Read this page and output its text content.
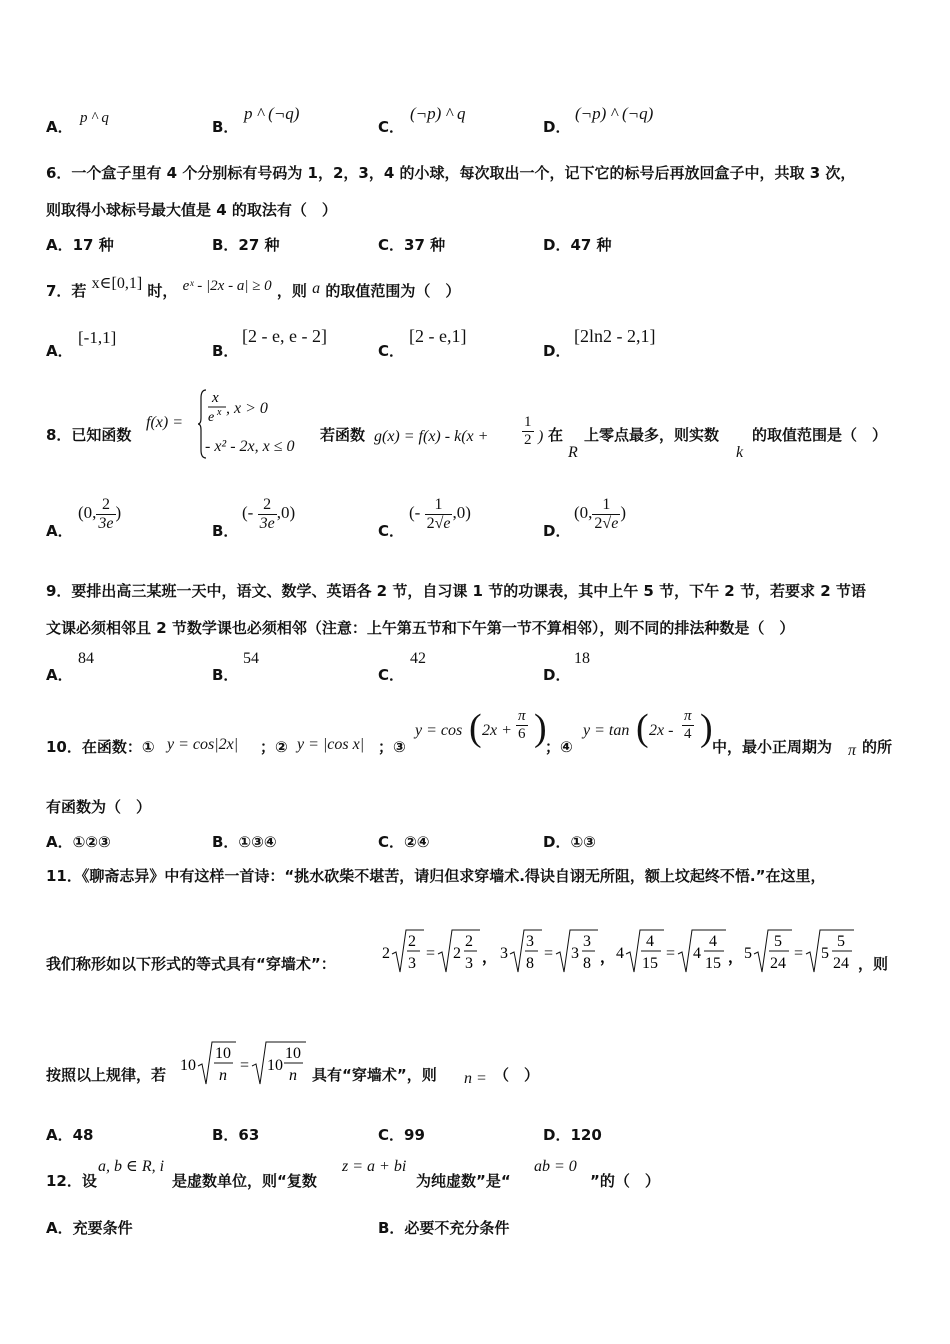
A． p ^ q	B．
p ^ (¬q)
C．
(¬p) ^ q
D．
(¬p) ^ (¬q)
6．一个盒子里有 4 个分别标有号码为 1，2，3，4 的小球，每次取出一个，记下它的标号后再放回盒子中，共取 3 次，
则取得小球标号最大值是 4 的取法有（　）
A．17 种	B．27 种	C．37 种	D．47 种
7．若 x∈[0,1] 时， eˣ - |2x - a| ≥ 0 ，则 a 的取值范围为（　）
A．
[-1,1]
B．
[2 - e, e - 2]
C．
[2 - e,1]
D．
[2ln2 - 2,1]
8．已知函数
f(x) =
x
e x , x > 0
- x² - 2x, x ≤ 0
若函数 $g(x) = f(x) - k(x + \frac{1}{2}$ ) 在
R
上零点最多，则实数
k
的取值范围是（　）
A．
(0, $\frac{2}{3e}$ )
B．
(- $\frac{2}{3e} ,0$)
C．
(- $\frac{1}{2√e} ,0$)
D．
(0, $\frac{1}{2√e}$ )
9．要排出高三某班一天中，语文、数学、英语各 2 节，自习课 1 节的功课表，其中上午 5 节，下午 2 节，若要求 2 节语
文课必须相邻且 2 节数学课也必须相邻（注意：上午第五节和下午第一节不算相邻），则不同的排法种数是（　）
A．
84
B．
54
C．
42
D．
18
10．在函数：① y = cos|2x| ；② y = |cos x| ；③
y = cos ( $2x + \frac{\pi}{6}$ )
；④
y = tan ( $2x - \frac{\pi}{4}$ ) 中，最小正周期为 π 的所
有函数为（　）
A．①②③	B．①③④	C．②④	D．①③
11．《聊斋志异》中有这样一首诗：“挑水砍柴不堪苦，请归但求穿墙术.得诀自诩无所阻，额上坟起终不悟.”在这里，
我们称形如以下形式的等式具有“穿墙术”：
2
2
3
= 2
2
3 ， 3
3
8
= 3
3
8 ， 4
4
15
= 4
4
15 ， 5
5
24
= 5
5
24 ，则
按照以上规律，若
10
10
n
= 10
10
n 具有“穿墙术”，则 n = （　）
A．48	B．63	C．99	D．120
12．设
a, b ∈ R, i
是虚数单位，则“复数
z = a + bi
为纯虚数”是“
ab = 0
”的（　）
A．充要条件	B．必要不充分条件
